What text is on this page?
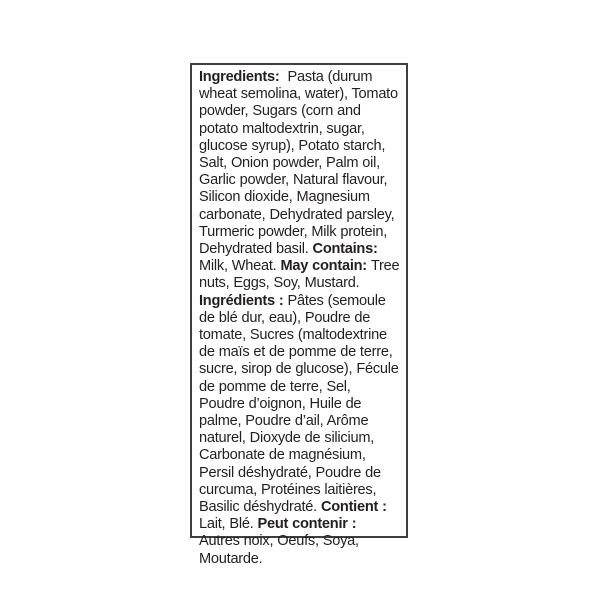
Ingredients:  Pasta (durum wheat semolina, water), Tomato powder, Sugars (corn and potato maltodextrin, sugar, glucose syrup), Potato starch, Salt, Onion powder, Palm oil, Garlic powder, Natural flavour, Silicon dioxide, Magnesium carbonate, Dehydrated parsley, Turmeric powder, Milk protein, Dehydrated basil. Contains: Milk, Wheat. May contain: Tree nuts, Eggs, Soy, Mustard.

Ingrédients : Pâtes (semoule de blé dur, eau), Poudre de tomate, Sucres (maltodextrine de maïs et de pomme de terre, sucre, sirop de glucose), Fécule de pomme de terre, Sel, Poudre d’oignon, Huile de palme, Poudre d’ail, Arôme naturel, Dioxyde de silicium, Carbonate de magnésium, Persil déshydraté, Poudre de curcuma, Protéines laitières, Basilic déshydraté. Contient : Lait, Blé. Peut contenir : Autres noix, Oeufs, Soya, Moutarde.
